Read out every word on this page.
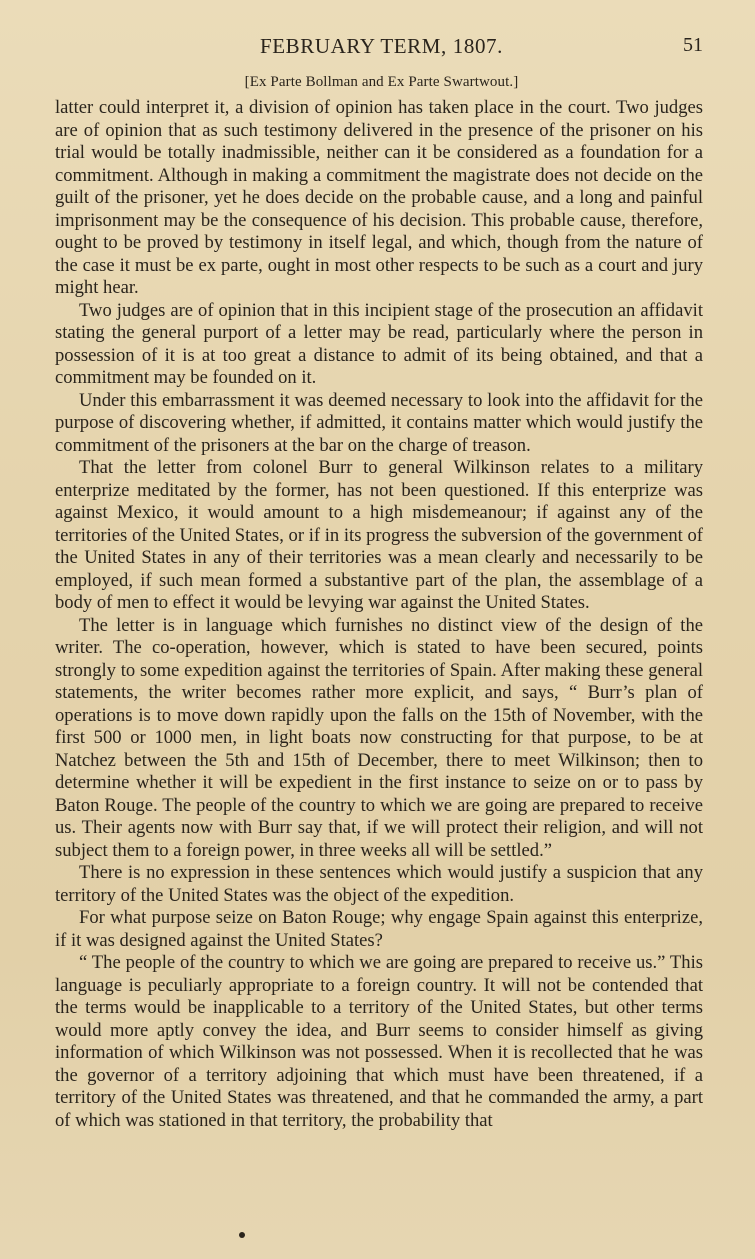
FEBRUARY TERM, 1807.	51
[Ex Parte Bollman and Ex Parte Swartwout.]

latter could interpret it, a division of opinion has taken place in the court. Two judges are of opinion that as such testimony delivered in the presence of the prisoner on his trial would be totally inadmissible, neither can it be considered as a foundation for a commitment. Although in making a commitment the magistrate does not decide on the guilt of the prisoner, yet he does decide on the probable cause, and a long and painful imprisonment may be the consequence of his decision. This probable cause, therefore, ought to be proved by testimony in itself legal, and which, though from the nature of the case it must be ex parte, ought in most other respects to be such as a court and jury might hear.

Two judges are of opinion that in this incipient stage of the prosecution an affidavit stating the general purport of a letter may be read, particularly where the person in possession of it is at too great a distance to admit of its being obtained, and that a commitment may be founded on it.

Under this embarrassment it was deemed necessary to look into the affidavit for the purpose of discovering whether, if admitted, it contains matter which would justify the commitment of the prisoners at the bar on the charge of treason.

That the letter from colonel Burr to general Wilkinson relates to a military enterprize meditated by the former, has not been questioned. If this enterprize was against Mexico, it would amount to a high misdemeanour; if against any of the territories of the United States, or if in its progress the subversion of the government of the United States in any of their territories was a mean clearly and necessarily to be employed, if such mean formed a substantive part of the plan, the assemblage of a body of men to effect it would be levying war against the United States.

The letter is in language which furnishes no distinct view of the design of the writer. The co-operation, however, which is stated to have been secured, points strongly to some expedition against the territories of Spain. After making these general statements, the writer becomes rather more explicit, and says, “ Burr’s plan of operations is to move down rapidly upon the falls on the 15th of November, with the first 500 or 1000 men, in light boats now constructing for that purpose, to be at Natchez between the 5th and 15th of December, there to meet Wilkinson; then to determine whether it will be expedient in the first instance to seize on or to pass by Baton Rouge. The people of the country to which we are going are prepared to receive us. Their agents now with Burr say that, if we will protect their religion, and will not subject them to a foreign power, in three weeks all will be settled.”

There is no expression in these sentences which would justify a suspicion that any territory of the United States was the object of the expedition.

For what purpose seize on Baton Rouge; why engage Spain against this enterprize, if it was designed against the United States?

“ The people of the country to which we are going are prepared to receive us.” This language is peculiarly appropriate to a foreign country. It will not be contended that the terms would be inapplicable to a territory of the United States, but other terms would more aptly convey the idea, and Burr seems to consider himself as giving information of which Wilkinson was not possessed. When it is recollected that he was the governor of a territory adjoining that which must have been threatened, if a territory of the United States was threatened, and that he commanded the army, a part of which was stationed in that territory, the probability that
